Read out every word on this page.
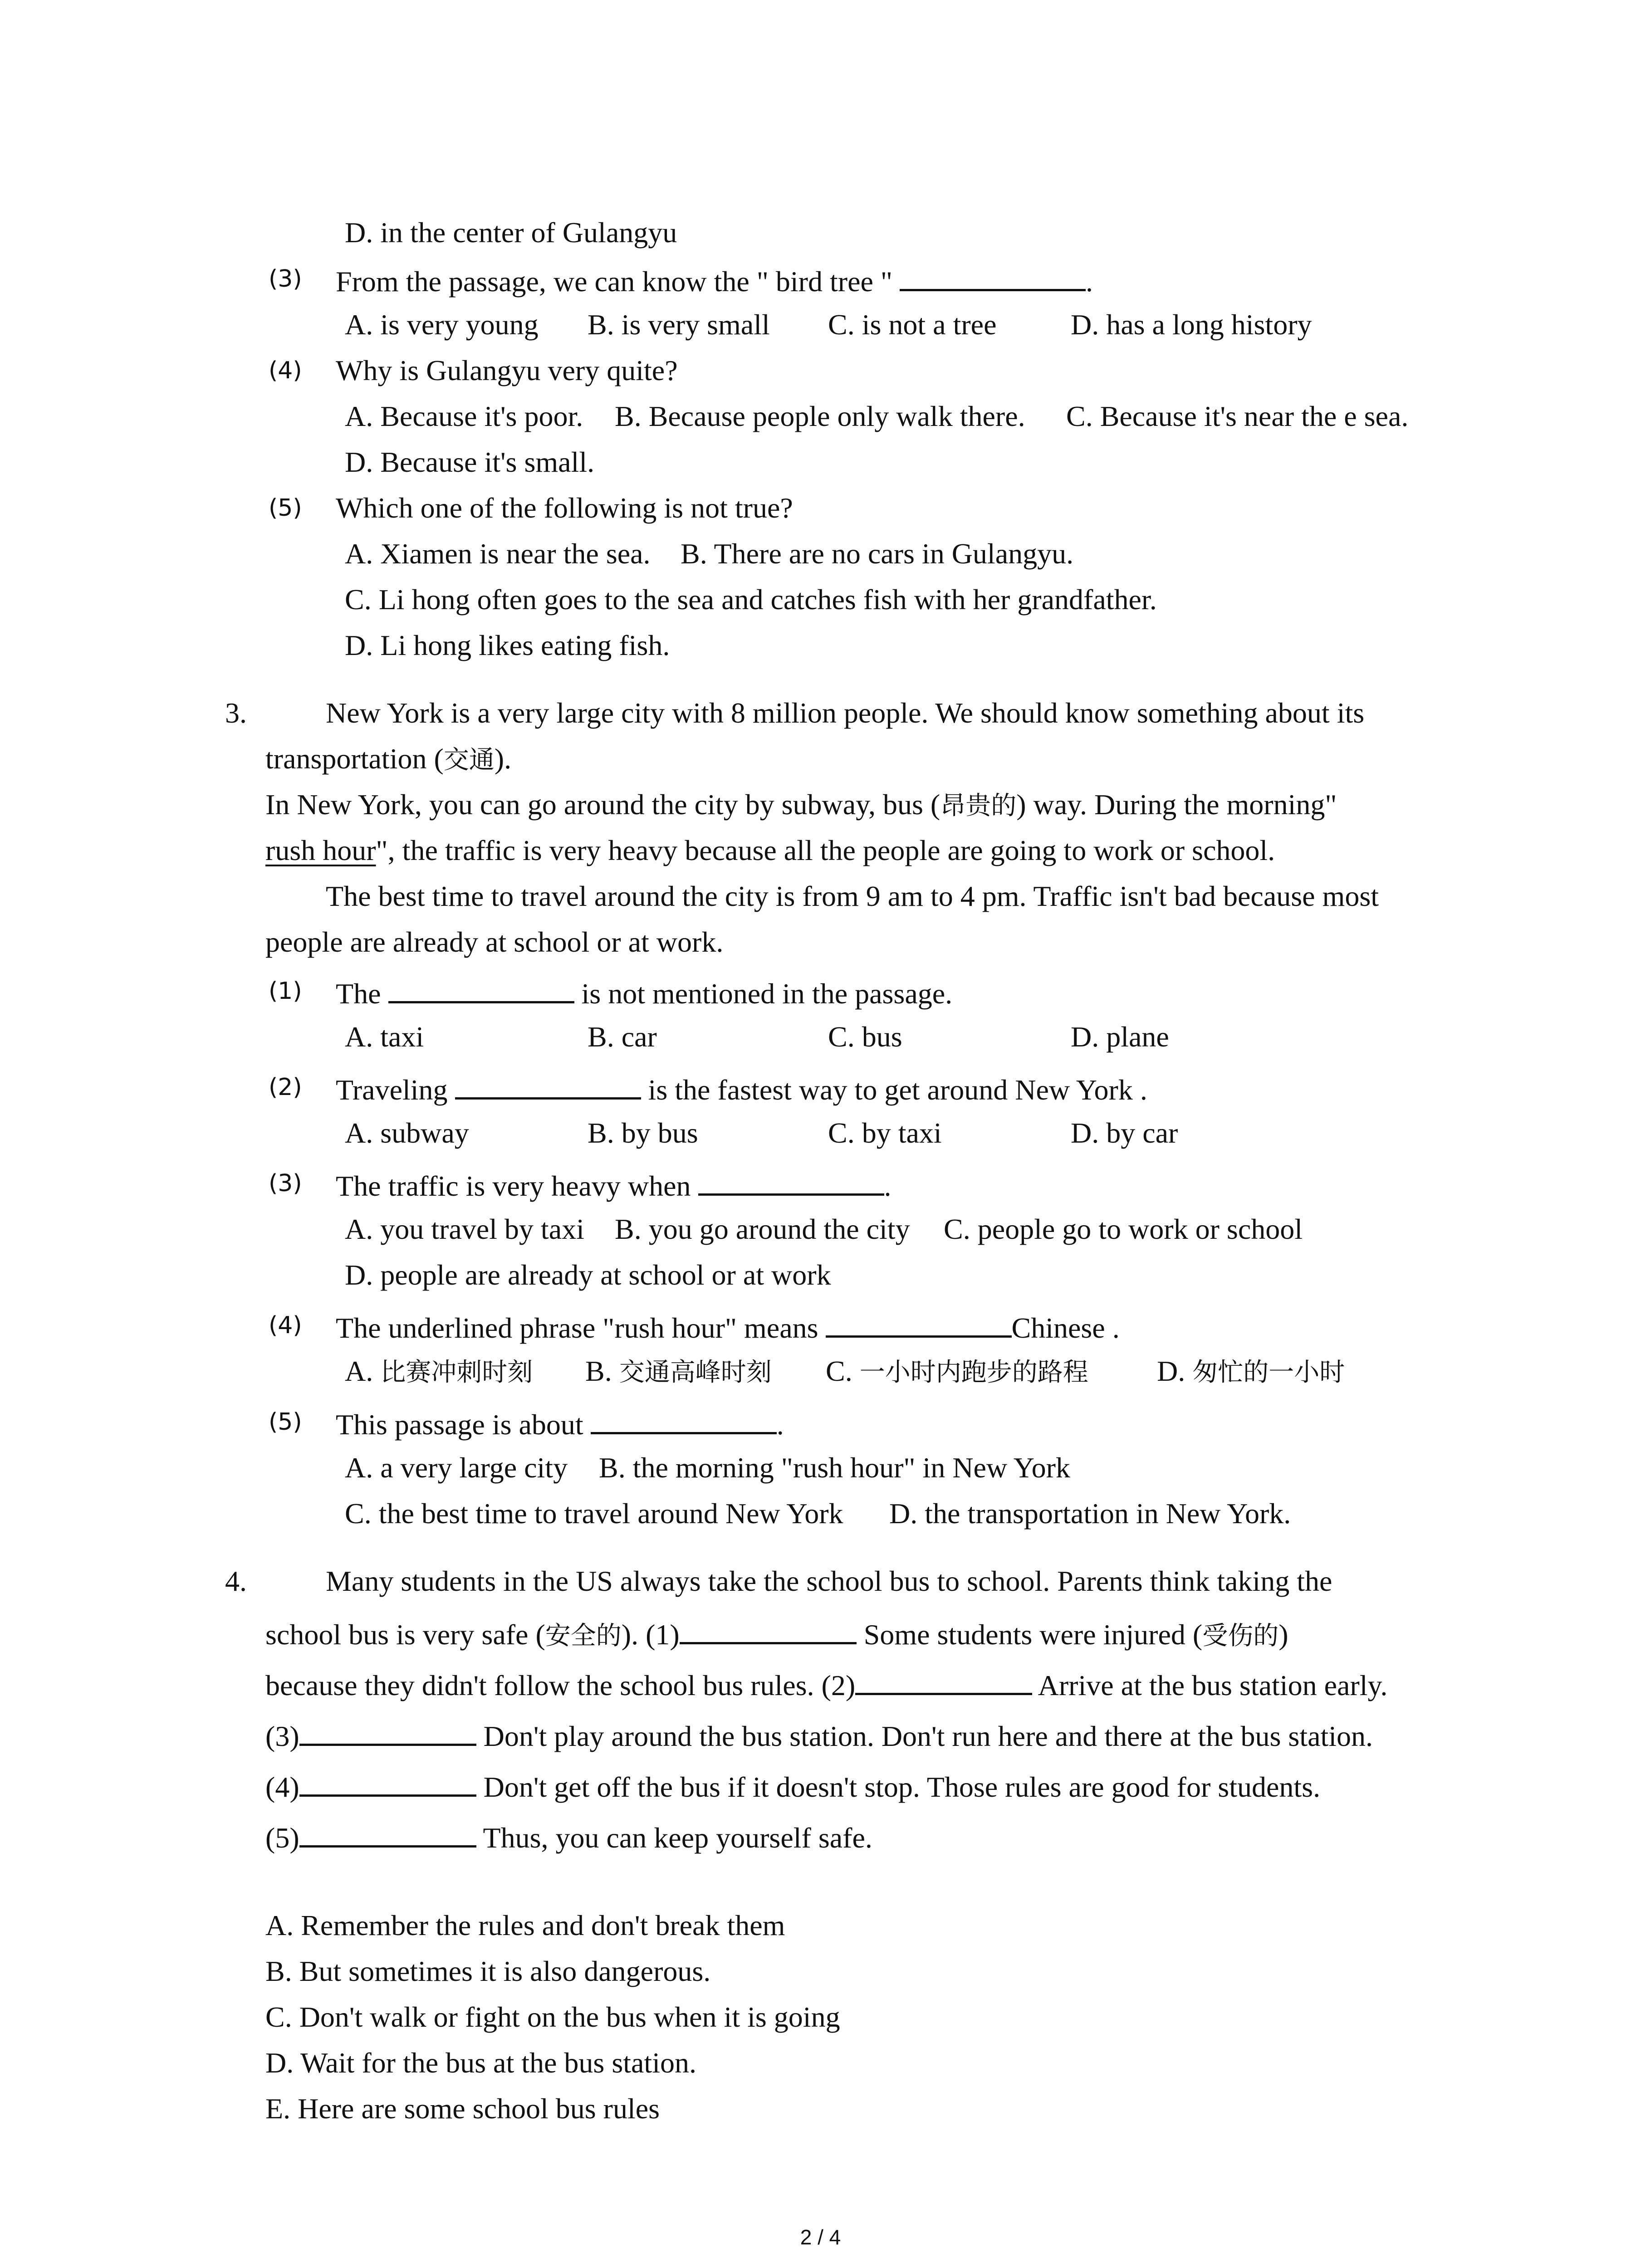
D. in the center of Gulangyu
(3) From the passage, we can know the " bird tree "	.
A. is very young B. is very small C. is not a tree	D. has a long history
(4) Why is Gulangyu very quite?
A. Because it's poor. B. Because people only walk there. C. Because it's near the e sea.
D. Because it's small.
(5) Which one of the following is not true?
A. Xiamen is near the sea. B. There are no cars in Gulangyu.
C. Li hong often goes to the sea and catches fish with her grandfather.
D. Li hong likes eating fish.
3.	New York is a very large city with 8 million people. We should know something about its
transportation (交通).
In New York, you can go around the city by subway, bus (昂贵的) way. During the morning"
rush hour", the traffic is very heavy because all the people are going to work or school.
The best time to travel around the city is from 9 am to 4 pm. Traffic isn't bad because most
people are already at school or at work.
(1) The	is not mentioned in the passage.
A. taxi	B. car	C. bus	D. plane
(2) Traveling	is the fastest way to get around New York .
A. subway	B. by bus	C. by taxi	D. by car
(3) The traffic is very heavy when	.
A. you travel by taxi B. you go around the city C. people go to work or school
D. people are already at school or at work
(4) The underlined phrase "rush hour" means	Chinese .
A. 比赛冲刺时刻 B. 交通高峰时刻 C. 一小时内跑步的路程 D. 匆忙的一小时
(5) This passage is about	.
A. a very large city B. the morning "rush hour" in New York
C. the best time to travel around New York D. the transportation in New York.
4.	Many students in the US always take the school bus to school. Parents think taking the
school bus is very safe (安全的). (1)	Some students were injured (受伤的)
because they didn't follow the school bus rules. (2)	Arrive at the bus station early.
(3)	Don't play around the bus station. Don't run here and there at the bus station.
(4)	Don't get off the bus if it doesn't stop. Those rules are good for students.
(5)	Thus, you can keep yourself safe.
A. Remember the rules and don't break them
B. But sometimes it is also dangerous.
C. Don't walk or fight on the bus when it is going
D. Wait for the bus at the bus station.
E. Here are some school bus rules
2 / 4
